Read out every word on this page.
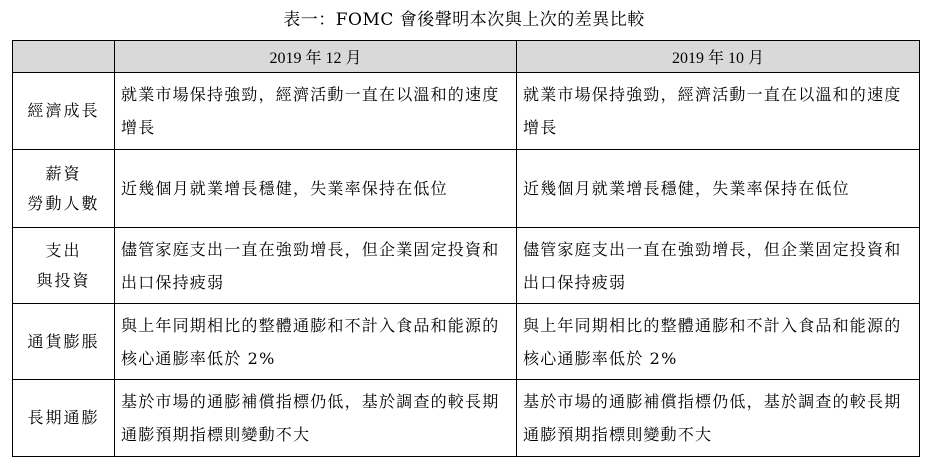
表一：FOMC 會後聲明本次與上次的差異比較
	2019 年 12 月	2019 年 10 月

經濟成長	就業市場保持強勁，經濟活動一直在以溫和的速度增長	就業市場保持強勁，經濟活動一直在以溫和的速度增長

薪資
勞動人數	近幾個月就業增長穩健，失業率保持在低位	近幾個月就業增長穩健，失業率保持在低位

支出
與投資	儘管家庭支出一直在強勁增長，但企業固定投資和出口保持疲弱	儘管家庭支出一直在強勁增長，但企業固定投資和出口保持疲弱

通貨膨脹	與上年同期相比的整體通膨和不計入食品和能源的核心通膨率低於 2%	與上年同期相比的整體通膨和不計入食品和能源的核心通膨率低於 2%

長期通膨	基於市場的通膨補償指標仍低，基於調查的較長期通膨預期指標則變動不大	基於市場的通膨補償指標仍低，基於調查的較長期通膨預期指標則變動不大
